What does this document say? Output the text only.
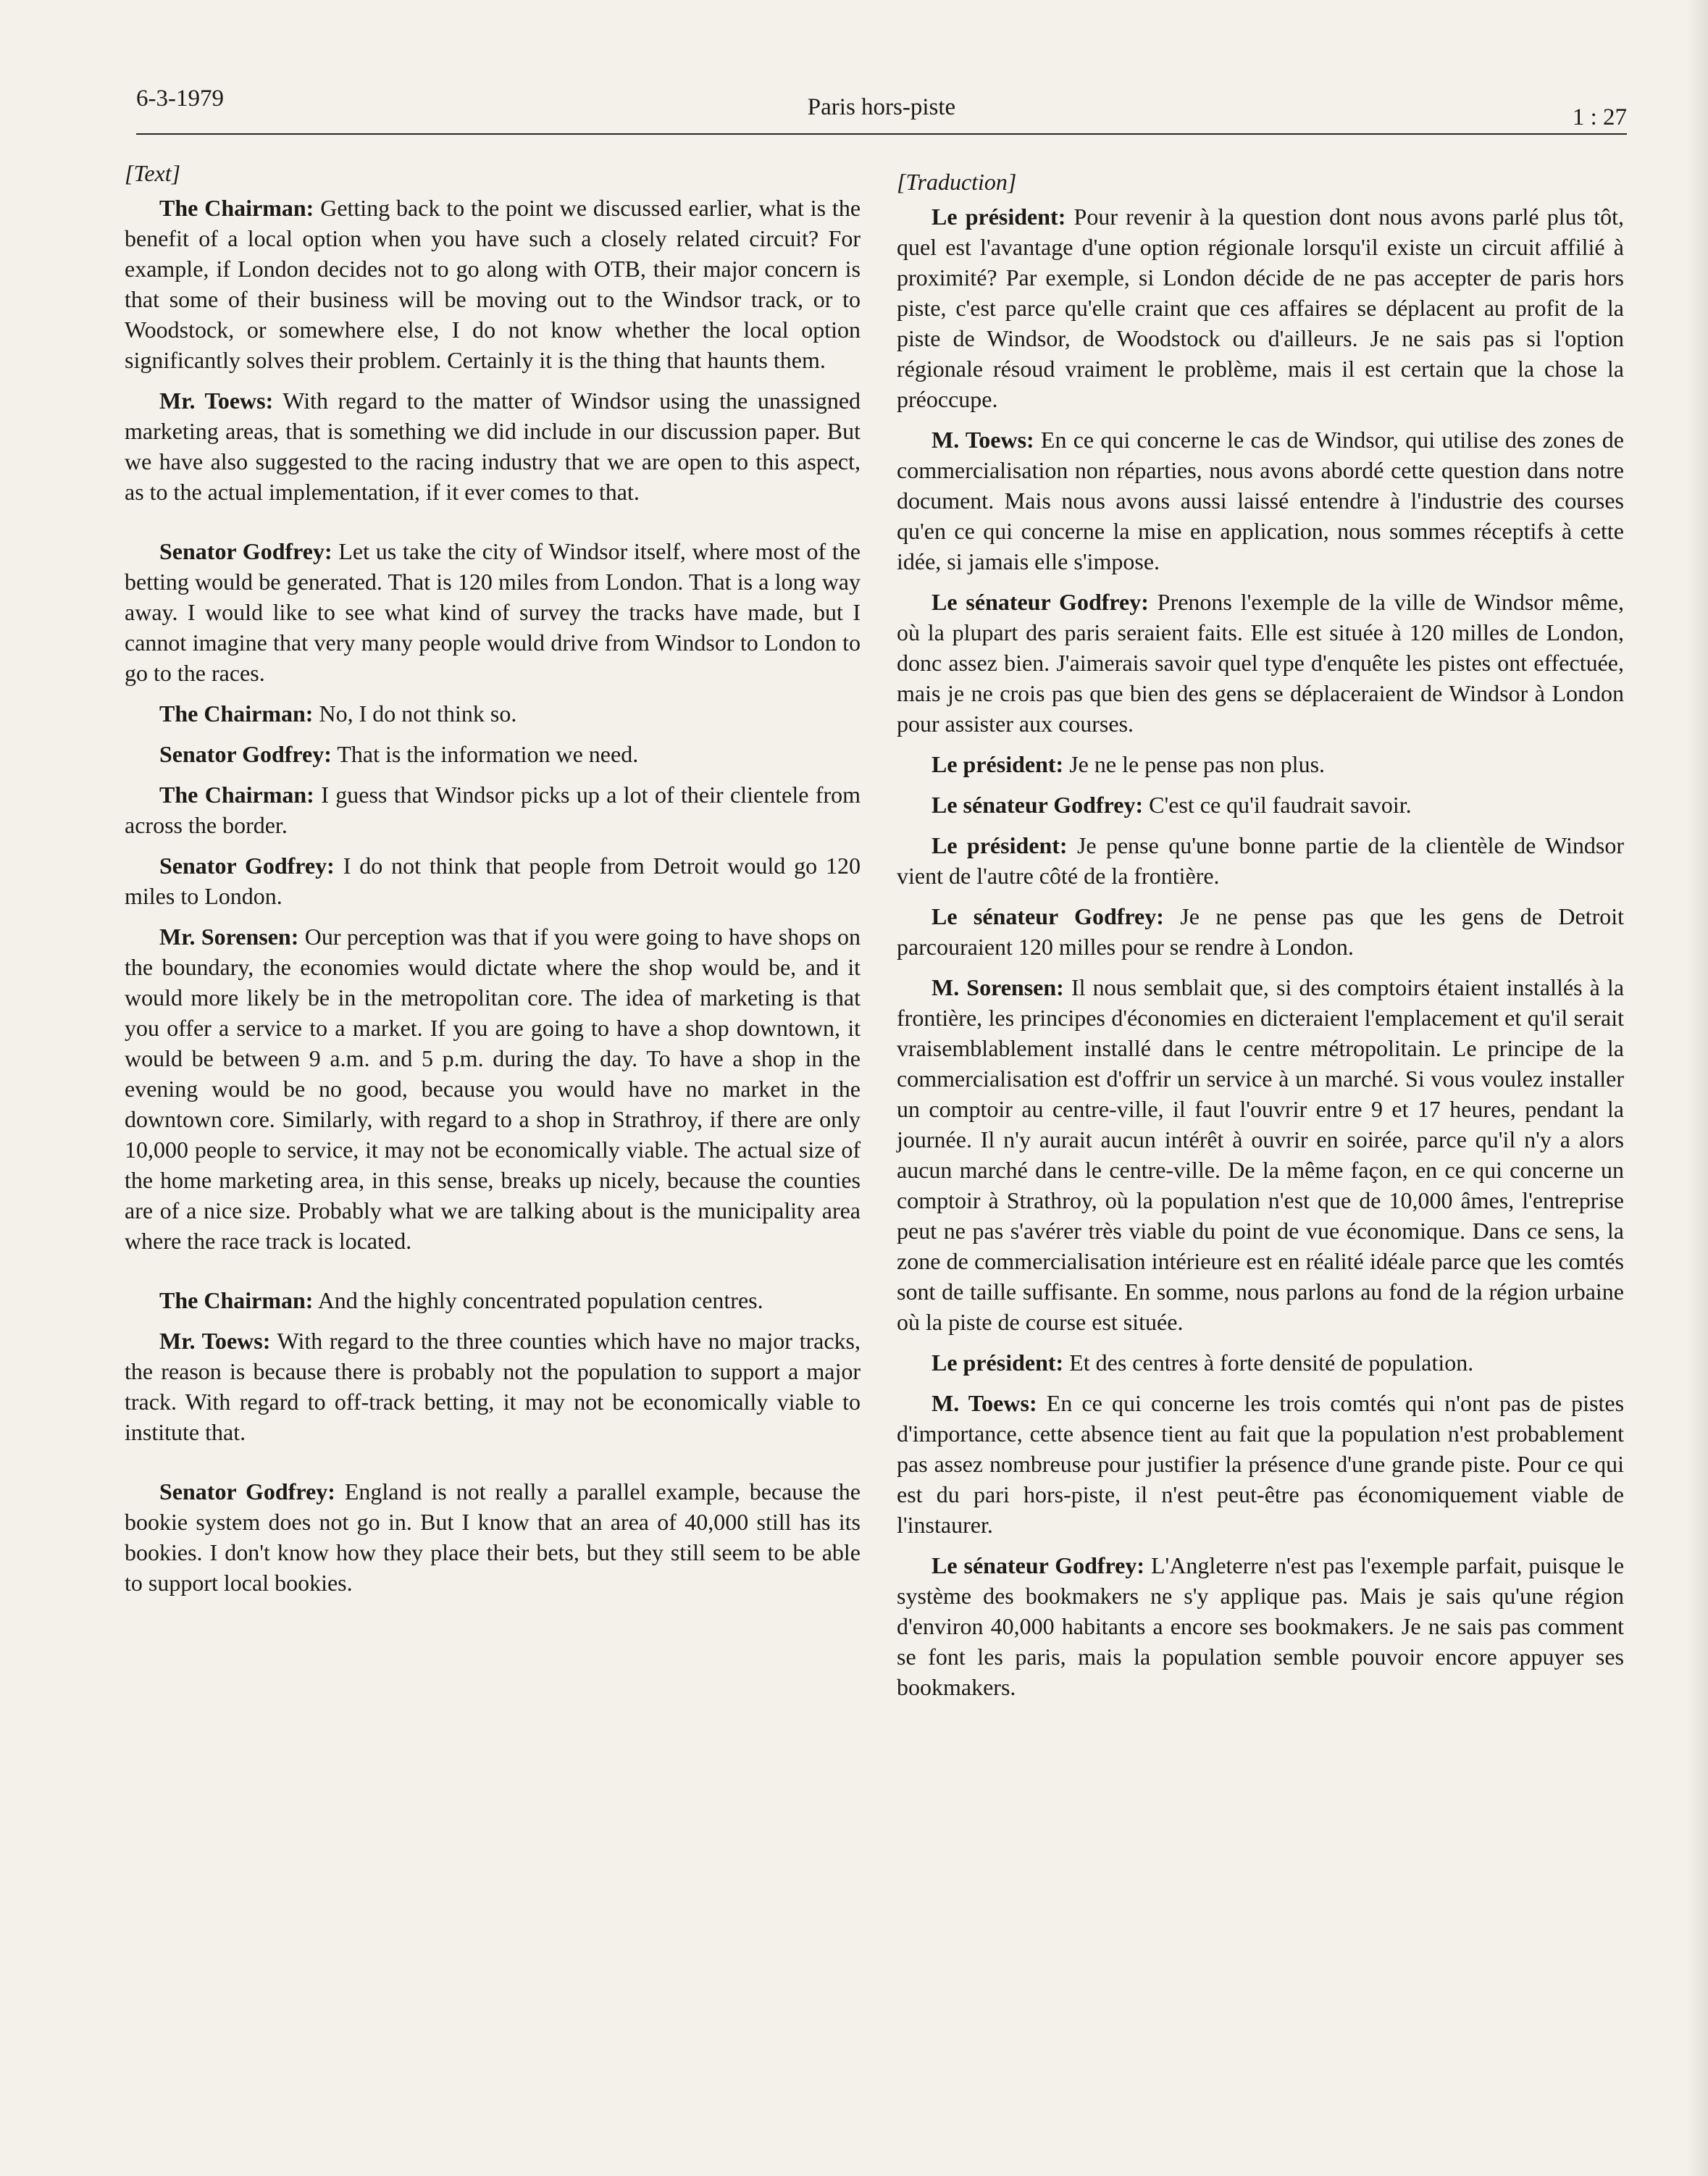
6-3-1979	Paris hors-piste	1 : 27
[Text]

The Chairman: Getting back to the point we discussed earlier, what is the benefit of a local option when you have such a closely related circuit? For example, if London decides not to go along with OTB, their major concern is that some of their business will be moving out to the Windsor track, or to Woodstock, or somewhere else, I do not know whether the local option significantly solves their problem. Certainly it is the thing that haunts them.

Mr. Toews: With regard to the matter of Windsor using the unassigned marketing areas, that is something we did include in our discussion paper. But we have also suggested to the racing industry that we are open to this aspect, as to the actual implementation, if it ever comes to that.

Senator Godfrey: Let us take the city of Windsor itself, where most of the betting would be generated. That is 120 miles from London. That is a long way away. I would like to see what kind of survey the tracks have made, but I cannot imagine that very many people would drive from Windsor to London to go to the races.

The Chairman: No, I do not think so.

Senator Godfrey: That is the information we need.

The Chairman: I guess that Windsor picks up a lot of their clientele from across the border.

Senator Godfrey: I do not think that people from Detroit would go 120 miles to London.

Mr. Sorensen: Our perception was that if you were going to have shops on the boundary, the economies would dictate where the shop would be, and it would more likely be in the metropolitan core. The idea of marketing is that you offer a service to a market. If you are going to have a shop downtown, it would be between 9 a.m. and 5 p.m. during the day. To have a shop in the evening would be no good, because you would have no market in the downtown core. Similarly, with regard to a shop in Strathroy, if there are only 10,000 people to service, it may not be economically viable. The actual size of the home marketing area, in this sense, breaks up nicely, because the counties are of a nice size. Probably what we are talking about is the municipality area where the race track is located.

The Chairman: And the highly concentrated population centres.

Mr. Toews: With regard to the three counties which have no major tracks, the reason is because there is probably not the population to support a major track. With regard to off-track betting, it may not be economically viable to institute that.

Senator Godfrey: England is not really a parallel example, because the bookie system does not go in. But I know that an area of 40,000 still has its bookies. I don't know how they place their bets, but they still seem to be able to support local bookies.

[Traduction]

Le président: Pour revenir à la question dont nous avons parlé plus tôt, quel est l'avantage d'une option régionale lorsqu'il existe un circuit affilié à proximité? Par exemple, si London décide de ne pas accepter de paris hors piste, c'est parce qu'elle craint que ces affaires se déplacent au profit de la piste de Windsor, de Woodstock ou d'ailleurs. Je ne sais pas si l'option régionale résoud vraiment le problème, mais il est certain que la chose la préoccupe.

M. Toews: En ce qui concerne le cas de Windsor, qui utilise des zones de commercialisation non réparties, nous avons abordé cette question dans notre document. Mais nous avons aussi laissé entendre à l'industrie des courses qu'en ce qui concerne la mise en application, nous sommes réceptifs à cette idée, si jamais elle s'impose.

Le sénateur Godfrey: Prenons l'exemple de la ville de Windsor même, où la plupart des paris seraient faits. Elle est située à 120 milles de London, donc assez bien. J'aimerais savoir quel type d'enquête les pistes ont effectuée, mais je ne crois pas que bien des gens se déplaceraient de Windsor à London pour assister aux courses.

Le président: Je ne le pense pas non plus.

Le sénateur Godfrey: C'est ce qu'il faudrait savoir.

Le président: Je pense qu'une bonne partie de la clientèle de Windsor vient de l'autre côté de la frontière.

Le sénateur Godfrey: Je ne pense pas que les gens de Detroit parcouraient 120 milles pour se rendre à London.

M. Sorensen: Il nous semblait que, si des comptoirs étaient installés à la frontière, les principes d'économies en dicteraient l'emplacement et qu'il serait vraisemblablement installé dans le centre métropolitain. Le principe de la commercialisation est d'offrir un service à un marché. Si vous voulez installer un comptoir au centre-ville, il faut l'ouvrir entre 9 et 17 heures, pendant la journée. Il n'y aurait aucun intérêt à ouvrir en soirée, parce qu'il n'y a alors aucun marché dans le centre-ville. De la même façon, en ce qui concerne un comptoir à Strathroy, où la population n'est que de 10,000 âmes, l'entreprise peut ne pas s'avérer très viable du point de vue économique. Dans ce sens, la zone de commercialisation intérieure est en réalité idéale parce que les comtés sont de taille suffisante. En somme, nous parlons au fond de la région urbaine où la piste de course est située.

Le président: Et des centres à forte densité de population.

M. Toews: En ce qui concerne les trois comtés qui n'ont pas de pistes d'importance, cette absence tient au fait que la population n'est probablement pas assez nombreuse pour justifier la présence d'une grande piste. Pour ce qui est du pari hors-piste, il n'est peut-être pas économiquement viable de l'instaurer.

Le sénateur Godfrey: L'Angleterre n'est pas l'exemple parfait, puisque le système des bookmakers ne s'y applique pas. Mais je sais qu'une région d'environ 40,000 habitants a encore ses bookmakers. Je ne sais pas comment se font les paris, mais la population semble pouvoir encore appuyer ses bookmakers.
